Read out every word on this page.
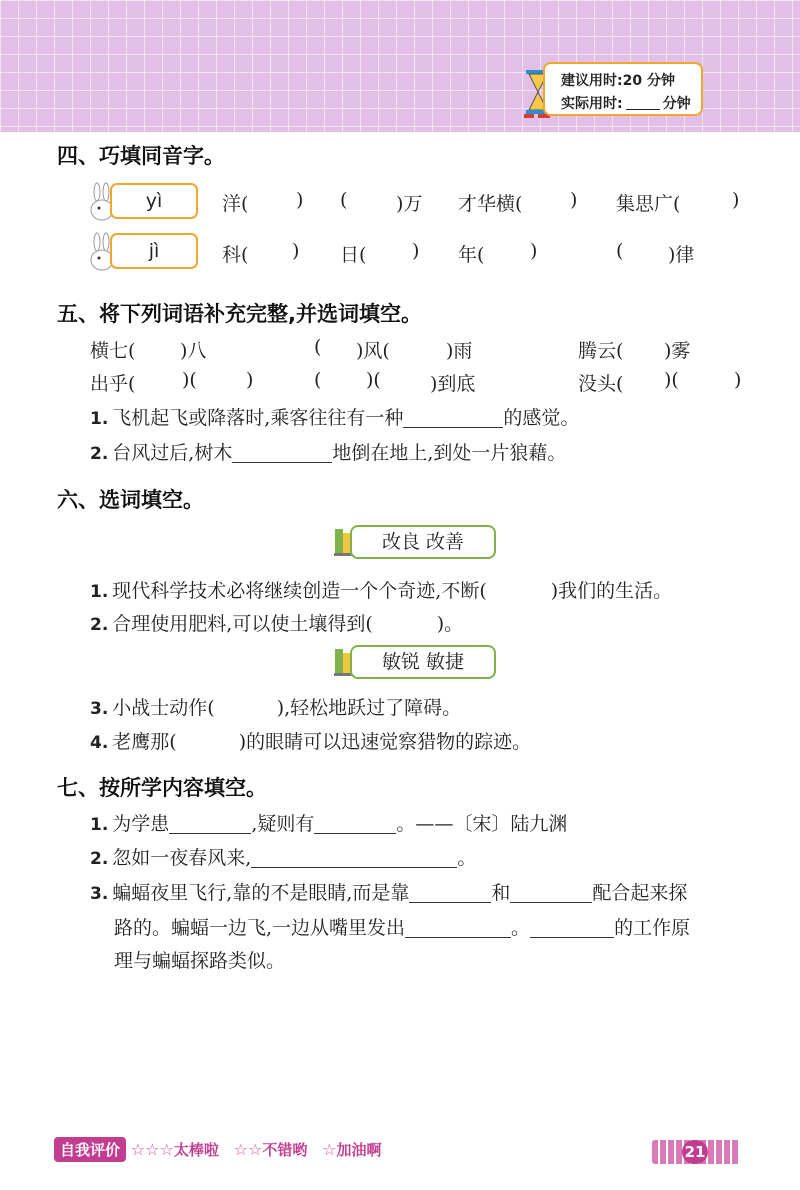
建议用时:20 分钟
实际用时:	分钟
四、巧填同音字。
yì	洋(	) (	)万 才华横(	) 集思广(	)
jì	科( ) 日( ) 年( )	( )律
五、将下列词语补充完整,并选词填空。
横七( )八	( )风(	)雨	腾云( )雾
出乎( )(	)	( )(	)到底	没头( )(	)
1. 飞机起飞或降落时,乘客往往有一种	的感觉。
2. 台风过后,树木	地倒在地上,到处一片狼藉。
六、选词填空。
改良 改善
1. 现代科学技术必将继续创造一个个奇迹,不断(	)我们的生活。
2. 合理使用肥料,可以使土壤得到(	)。
敏锐 敏捷
3. 小战士动作(	),轻松地跃过了障碍。
4. 老鹰那(	)的眼睛可以迅速觉察猎物的踪迹。
七、按所学内容填空。
1. 为学患	,疑则有	。——〔宋〕陆九渊
2. 忽如一夜春风来,	。
3. 蝙蝠夜里飞行,靠的不是眼睛,而是靠	和	配合起来探
路的。蝙蝠一边飞,一边从嘴里发出	。	的工作原
理与蝙蝠探路类似。
自我评价 ☆☆☆太棒啦 ☆☆不错哟 ☆加油啊	21
